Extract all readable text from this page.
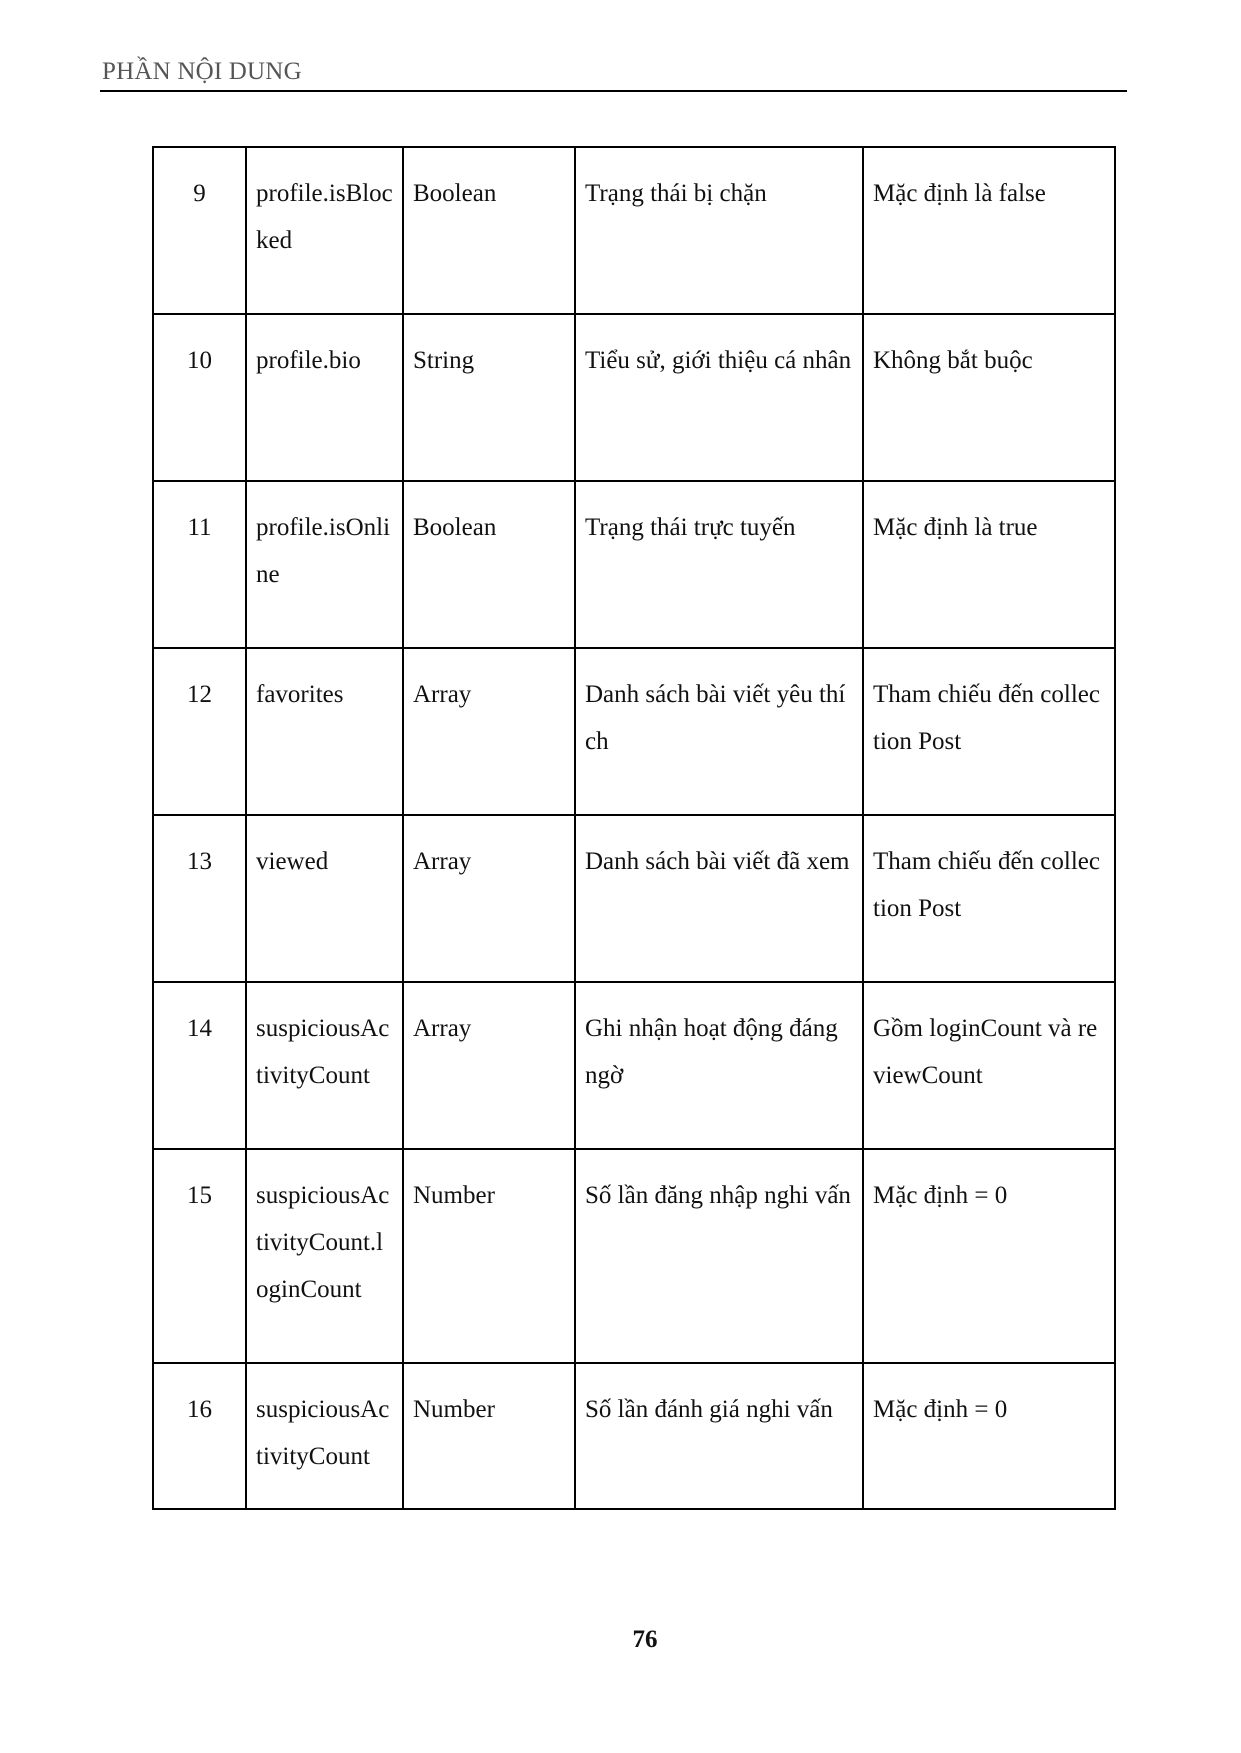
PHẦN NỘI DUNG
9	profile.isBlocked	Boolean	Trạng thái bị chặn	Mặc định là false
10	profile.bio	String	Tiểu sử, giới thiệu cá nhân	Không bắt buộc
11	profile.isOnline	Boolean	Trạng thái trực tuyến	Mặc định là true
12	favorites	Array	Danh sách bài viết yêu thích	Tham chiếu đến collection Post
13	viewed	Array	Danh sách bài viết đã xem	Tham chiếu đến collection Post
14	suspiciousActivityCount	Array	Ghi nhận hoạt động đáng ngờ	Gồm loginCount và reviewCount
15	suspiciousActivityCount.loginCount	Number	Số lần đăng nhập nghi vấn	Mặc định = 0
16	suspiciousActivityCount	Number	Số lần đánh giá nghi vấn	Mặc định = 0
76
